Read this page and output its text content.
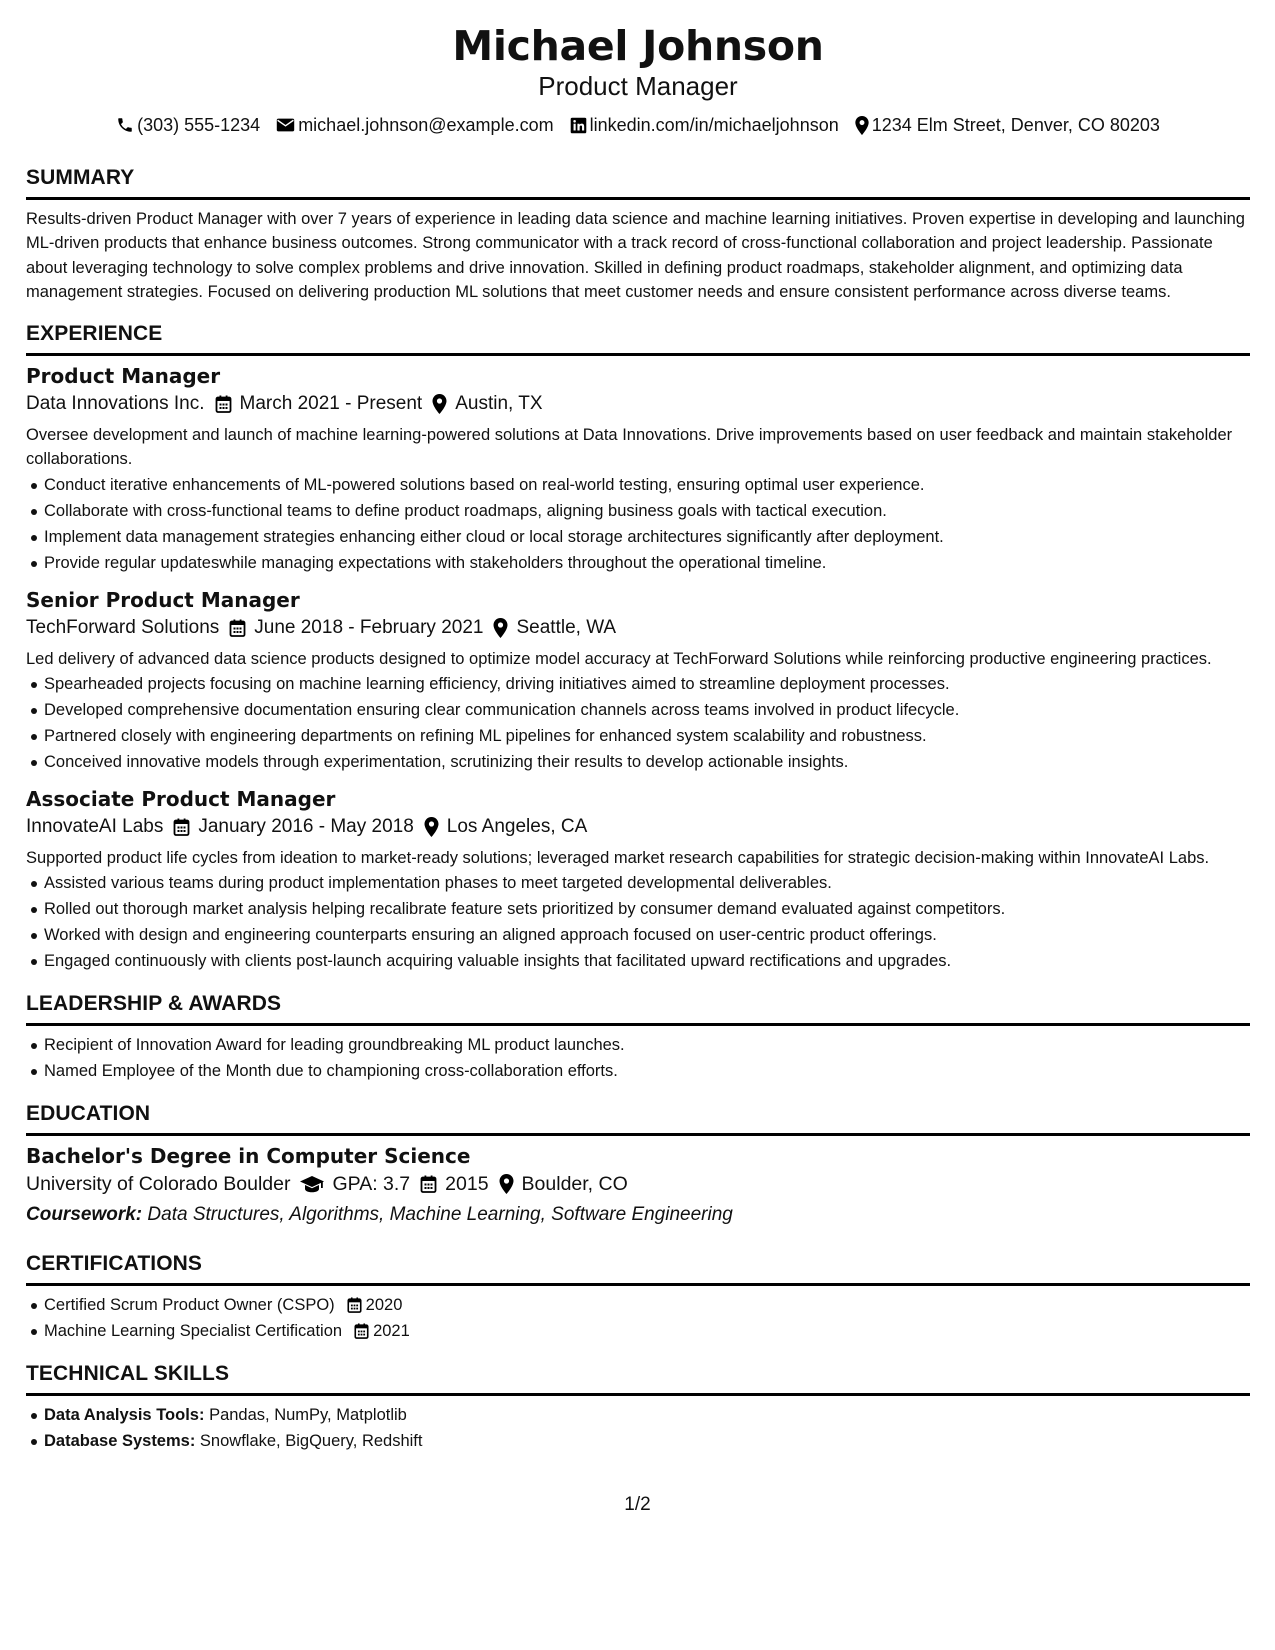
Michael Johnson
Product Manager
(303) 555-1234 michael.johnson@example.com linkedin.com/in/michaeljohnson 1234 Elm Street, Denver, CO 80203
SUMMARY
Results-driven Product Manager with over 7 years of experience in leading data science and machine learning initiatives. Proven expertise in developing and launching ML-driven products that enhance business outcomes. Strong communicator with a track record of cross-functional collaboration and project leadership. Passionate about leveraging technology to solve complex problems and drive innovation. Skilled in defining product roadmaps, stakeholder alignment, and optimizing data management strategies. Focused on delivering production ML solutions that meet customer needs and ensure consistent performance across diverse teams.
EXPERIENCE
Product Manager
Data Innovations Inc. March 2021 - Present Austin, TX
Oversee development and launch of machine learning-powered solutions at Data Innovations. Drive improvements based on user feedback and maintain stakeholder collaborations.
Conduct iterative enhancements of ML-powered solutions based on real-world testing, ensuring optimal user experience.
Collaborate with cross-functional teams to define product roadmaps, aligning business goals with tactical execution.
Implement data management strategies enhancing either cloud or local storage architectures significantly after deployment.
Provide regular updateswhile managing expectations with stakeholders throughout the operational timeline.
Senior Product Manager
TechForward Solutions June 2018 - February 2021 Seattle, WA
Led delivery of advanced data science products designed to optimize model accuracy at TechForward Solutions while reinforcing productive engineering practices.
Spearheaded projects focusing on machine learning efficiency, driving initiatives aimed to streamline deployment processes.
Developed comprehensive documentation ensuring clear communication channels across teams involved in product lifecycle.
Partnered closely with engineering departments on refining ML pipelines for enhanced system scalability and robustness.
Conceived innovative models through experimentation, scrutinizing their results to develop actionable insights.
Associate Product Manager
InnovateAI Labs January 2016 - May 2018 Los Angeles, CA
Supported product life cycles from ideation to market-ready solutions; leveraged market research capabilities for strategic decision-making within InnovateAI Labs.
Assisted various teams during product implementation phases to meet targeted developmental deliverables.
Rolled out thorough market analysis helping recalibrate feature sets prioritized by consumer demand evaluated against competitors.
Worked with design and engineering counterparts ensuring an aligned approach focused on user-centric product offerings.
Engaged continuously with clients post-launch acquiring valuable insights that facilitated upward rectifications and upgrades.
LEADERSHIP & AWARDS
Recipient of Innovation Award for leading groundbreaking ML product launches.
Named Employee of the Month due to championing cross-collaboration efforts.
EDUCATION
Bachelor's Degree in Computer Science
University of Colorado Boulder GPA: 3.7 2015 Boulder, CO
Coursework: Data Structures, Algorithms, Machine Learning, Software Engineering
CERTIFICATIONS
Certified Scrum Product Owner (CSPO) 2020
Machine Learning Specialist Certification 2021
TECHNICAL SKILLS
Data Analysis Tools: Pandas, NumPy, Matplotlib
Database Systems: Snowflake, BigQuery, Redshift
1/2
